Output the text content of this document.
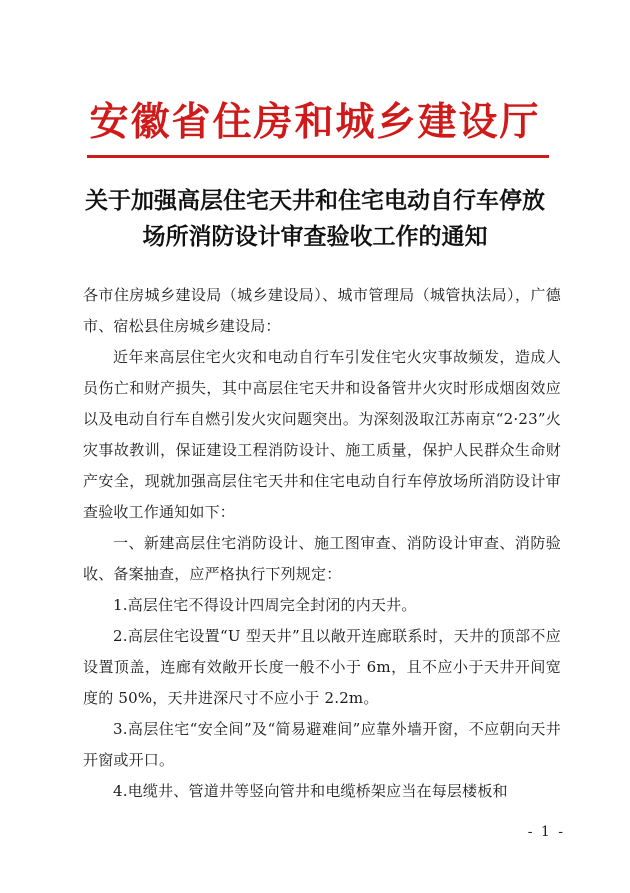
安徽省住房和城乡建设厅
关于加强高层住宅天井和住宅电动自行车停放
场所消防设计审查验收工作的通知

各市住房城乡建设局（城乡建设局）、城市管理局（城管执法局），广德市、宿松县住房城乡建设局：

近年来高层住宅火灾和电动自行车引发住宅火灾事故频发，造成人员伤亡和财产损失，其中高层住宅天井和设备管井火灾时形成烟囱效应以及电动自行车自燃引发火灾问题突出。为深刻汲取江苏南京“2·23”火灾事故教训，保证建设工程消防设计、施工质量，保护人民群众生命财产安全，现就加强高层住宅天井和住宅电动自行车停放场所消防设计审查验收工作通知如下：

一、新建高层住宅消防设计、施工图审查、消防设计审查、消防验收、备案抽查，应严格执行下列规定：

1.高层住宅不得设计四周完全封闭的内天井。

2.高层住宅设置“U 型天井”且以敞开连廊联系时，天井的顶部不应设置顶盖，连廊有效敞开长度一般不小于 6m，且不应小于天井开间宽度的 50%，天井进深尺寸不应小于 2.2m。

3.高层住宅“安全间”及“简易避难间”应靠外墙开窗，不应朝向天井开窗或开口。

4.电缆井、管道井等竖向管井和电缆桥架应当在每层楼板和

- 1 -
